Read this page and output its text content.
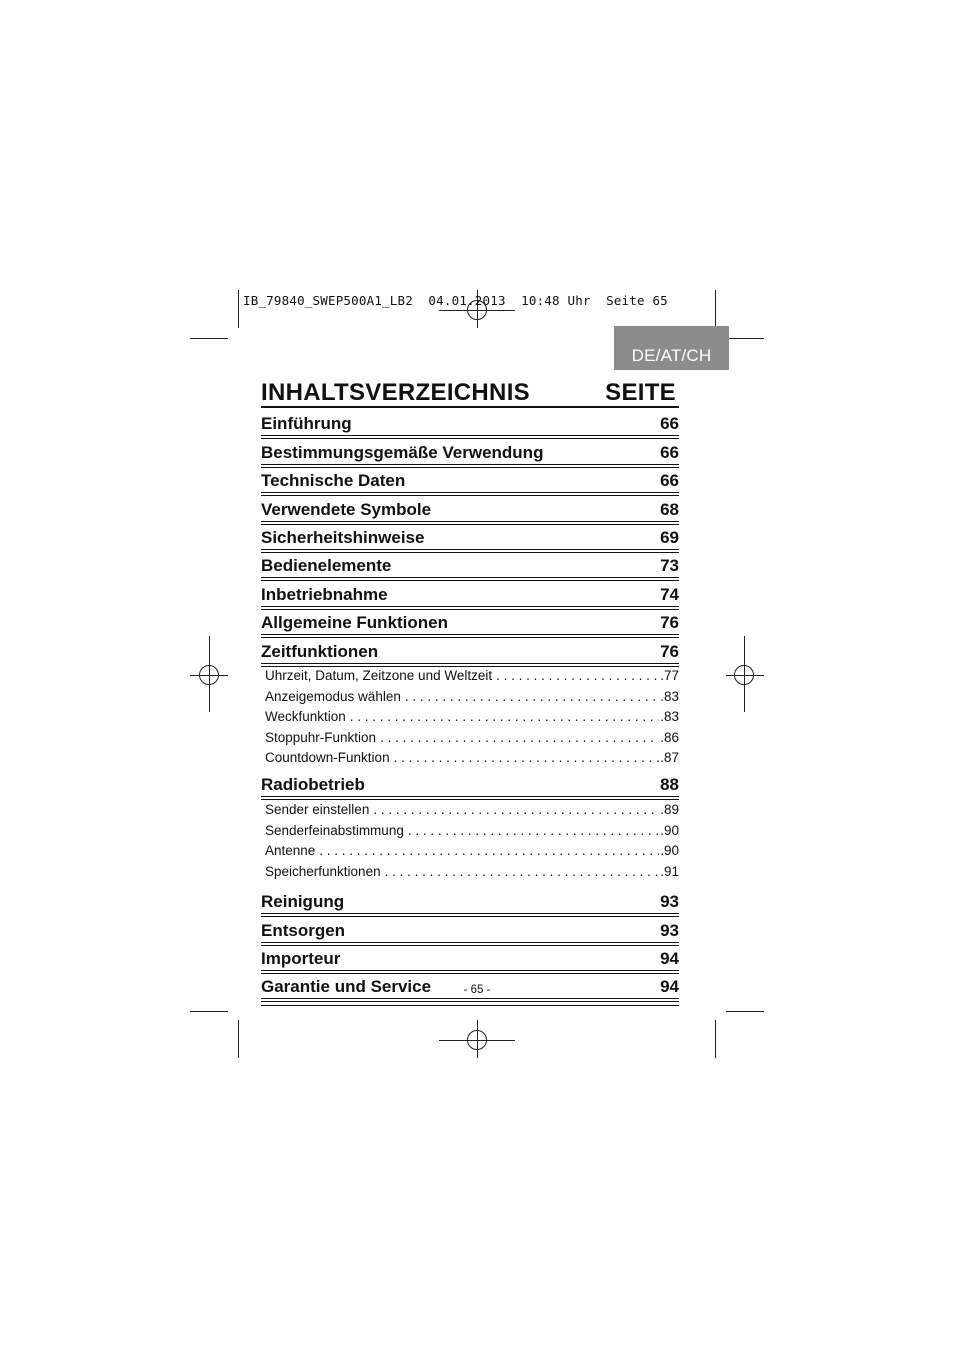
IB_79840_SWEP500A1_LB2  04.01.2013  10:48 Uhr  Seite 65
DE/AT/CH
INHALTSVERZEICHNIS	SEITE
Einführung	66
Bestimmungsgemäße Verwendung	66
Technische Daten	66
Verwendete Symbole	68
Sicherheitshinweise	69
Bedienelemente	73
Inbetriebnahme	74
Allgemeine Funktionen	76
Zeitfunktionen	76
Uhrzeit, Datum, Zeitzone und Weltzeit . . .	.77
Anzeigemodus wählen . . .	.83
Weckfunktion . . .	.83
Stoppuhr-Funktion . . .	.86
Countdown-Funktion . . .	.87
Radiobetrieb	88
Sender einstellen . . .	.89
Senderfeinabstimmung . . .	.90
Antenne . . .	.90
Speicherfunktionen . . .	.91
Reinigung	93
Entsorgen	93
Importeur	94
Garantie und Service	94
- 65 -
